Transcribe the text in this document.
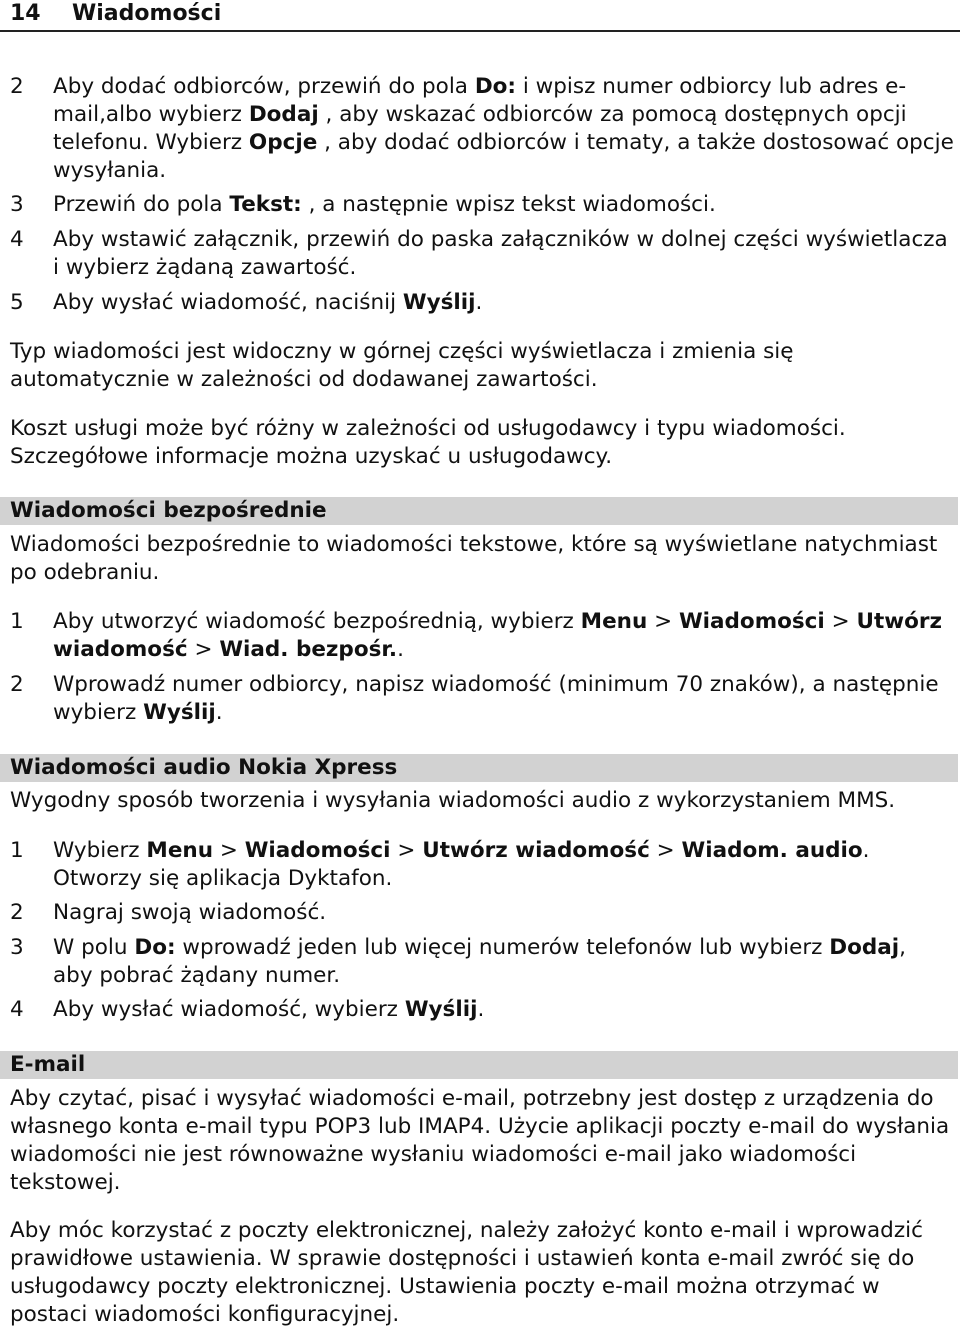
14 Wiadomości
2 Aby dodać odbiorców, przewiń do pola Do: i wpisz numer odbiorcy lub adres e-
mail,albo wybierz Dodaj , aby wskazać odbiorców za pomocą dostępnych opcji
telefonu. Wybierz Opcje , aby dodać odbiorców i tematy, a także dostosować opcje
wysyłania.
3 Przewiń do pola Tekst: , a następnie wpisz tekst wiadomości.
4 Aby wstawić załącznik, przewiń do paska załączników w dolnej części wyświetlacza
i wybierz żądaną zawartość.
5 Aby wysłać wiadomość, naciśnij Wyślij.
Typ wiadomości jest widoczny w górnej części wyświetlacza i zmienia się
automatycznie w zależności od dodawanej zawartości.
Koszt usługi może być różny w zależności od usługodawcy i typu wiadomości.
Szczegółowe informacje można uzyskać u usługodawcy.
Wiadomości bezpośrednie
Wiadomości bezpośrednie to wiadomości tekstowe, które są wyświetlane natychmiast
po odebraniu.
1 Aby utworzyć wiadomość bezpośrednią, wybierz Menu > Wiadomości > Utwórz
wiadomość > Wiad. bezpośr..
2 Wprowadź numer odbiorcy, napisz wiadomość (minimum 70 znaków), a następnie
wybierz Wyślij.
Wiadomości audio Nokia Xpress
Wygodny sposób tworzenia i wysyłania wiadomości audio z wykorzystaniem MMS.
1 Wybierz Menu > Wiadomości > Utwórz wiadomość > Wiadom. audio.
Otworzy się aplikacja Dyktafon.
2 Nagraj swoją wiadomość.
3 W polu Do: wprowadź jeden lub więcej numerów telefonów lub wybierz Dodaj,
aby pobrać żądany numer.
4 Aby wysłać wiadomość, wybierz Wyślij.
E-mail
Aby czytać, pisać i wysyłać wiadomości e-mail, potrzebny jest dostęp z urządzenia do
własnego konta e-mail typu POP3 lub IMAP4. Użycie aplikacji poczty e-mail do wysłania
wiadomości nie jest równoważne wysłaniu wiadomości e-mail jako wiadomości
tekstowej.
Aby móc korzystać z poczty elektronicznej, należy założyć konto e-mail i wprowadzić
prawidłowe ustawienia. W sprawie dostępności i ustawień konta e-mail zwróć się do
usługodawcy poczty elektronicznej. Ustawienia poczty e-mail można otrzymać w
postaci wiadomości konfiguracyjnej.
